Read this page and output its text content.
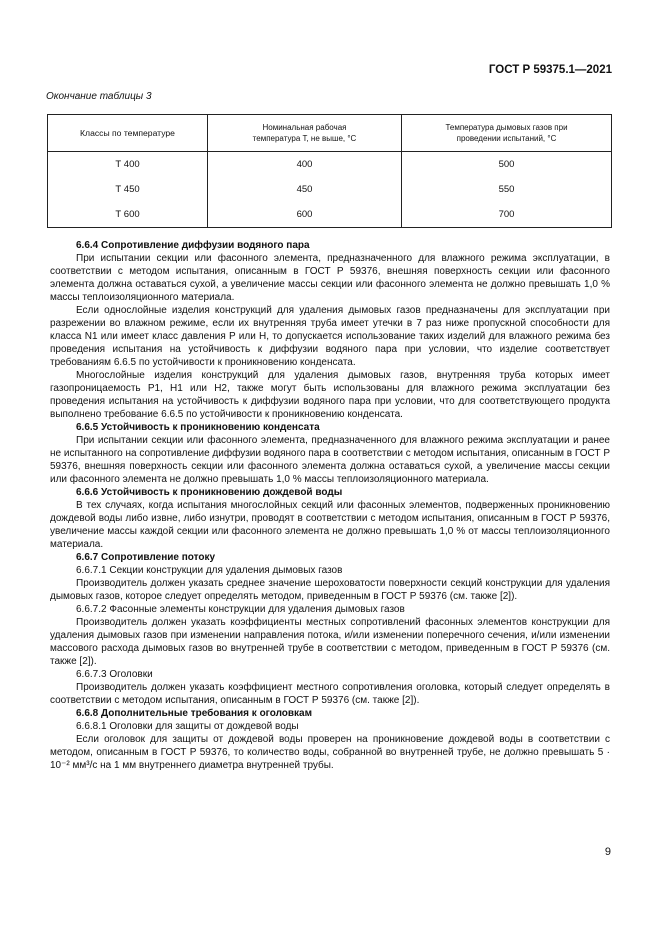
ГОСТ Р 59375.1—2021
Окончание таблицы 3
Классы по температуре	Номинальная рабочая температура T, не выше, °С	Температура дымовых газов при проведении испытаний, °С
Т 400	400	500
Т 450	450	550
Т 600	600	700

6.6.4 Сопротивление диффузии водяного пара

При испытании секции или фасонного элемента, предназначенного для влажного режима эксплуатации, в соответствии с методом испытания, описанным в ГОСТ Р 59376, внешняя поверхность секции или фасонного элемента должна оставаться сухой, а увеличение массы секции или фасонного элемента не должно превышать 1,0 % массы теплоизоляционного материала.

Если однослойные изделия конструкций для удаления дымовых газов предназначены для эксплуатации при разрежении во влажном режиме, если их внутренняя труба имеет утечки в 7 раз ниже пропускной способности для класса N1 или имеет класс давления P или H, то допускается использование таких изделий для влажного режима без проведения испытания на устойчивость к диффузии водяного пара при условии, что изделие соответствует требованиям 6.6.5 по устойчивости к проникновению конденсата.

Многослойные изделия конструкций для удаления дымовых газов, внутренняя труба которых имеет газопроницаемость P1, H1 или H2, также могут быть использованы для влажного режима эксплуатации без проведения испытания на устойчивость к диффузии водяного пара при условии, что для соответствующего продукта выполнено требование 6.6.5 по устойчивости к проникновению конденсата.

6.6.5 Устойчивость к проникновению конденсата

При испытании секции или фасонного элемента, предназначенного для влажного режима эксплуатации и ранее не испытанного на сопротивление диффузии водяного пара в соответствии с методом испытания, описанным в ГОСТ Р 59376, внешняя поверхность секции или фасонного элемента должна оставаться сухой, а увеличение массы секции или фасонного элемента не должно превышать 1,0 % массы теплоизоляционного материала.

6.6.6 Устойчивость к проникновению дождевой воды

В тех случаях, когда испытания многослойных секций или фасонных элементов, подверженных проникновению дождевой воды либо извне, либо изнутри, проводят в соответствии с методом испытания, описанным в ГОСТ Р 59376, увеличение массы каждой секции или фасонного элемента не должно превышать 1,0 % от массы теплоизоляционного материала.

6.6.7 Сопротивление потоку

6.6.7.1 Секции конструкции для удаления дымовых газов

Производитель должен указать среднее значение шероховатости поверхности секций конструкции для удаления дымовых газов, которое следует определять методом, приведенным в ГОСТ Р 59376 (см. также [2]).

6.6.7.2 Фасонные элементы конструкции для удаления дымовых газов

Производитель должен указать коэффициенты местных сопротивлений фасонных элементов конструкции для удаления дымовых газов при изменении направления потока, и/или изменении поперечного сечения, и/или изменении массового расхода дымовых газов во внутренней трубе в соответствии с методом, приведенным в ГОСТ Р 59376 (см. также [2]).

6.6.7.3 Оголовки

Производитель должен указать коэффициент местного сопротивления оголовка, который следует определять в соответствии с методом испытания, описанным в ГОСТ Р 59376 (см. также [2]).

6.6.8 Дополнительные требования к оголовкам

6.6.8.1 Оголовки для защиты от дождевой воды

Если оголовок для защиты от дождевой воды проверен на проникновение дождевой воды в соответствии с методом, описанным в ГОСТ Р 59376, то количество воды, собранной во внутренней трубе, не должно превышать 5 · 10⁻² мм³/с на 1 мм внутреннего диаметра внутренней трубы.

9
